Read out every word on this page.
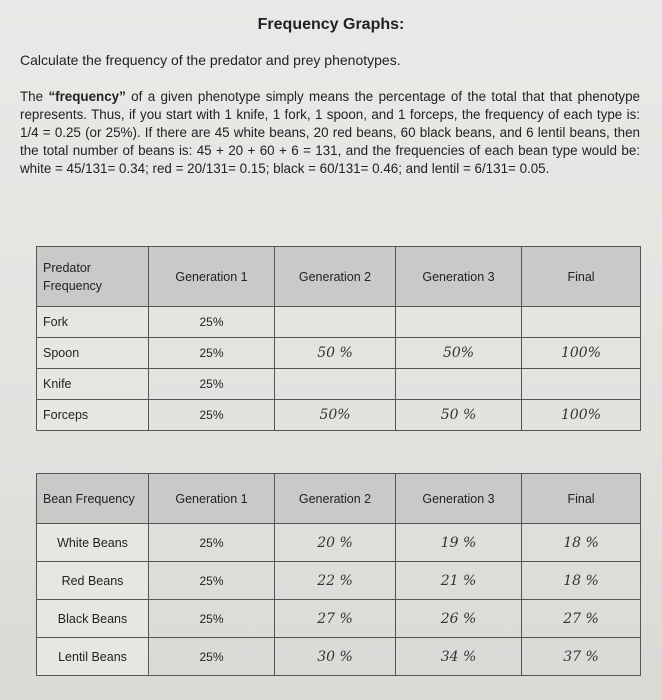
Frequency Graphs:
Calculate the frequency of the predator and prey phenotypes.
The “frequency” of a given phenotype simply means the percentage of the total that that phenotype represents. Thus, if you start with 1 knife, 1 fork, 1 spoon, and 1 forceps, the frequency of each type is: 1/4 = 0.25 (or 25%). If there are 45 white beans, 20 red beans, 60 black beans, and 6 lentil beans, then the total number of beans is: 45 + 20 + 60 + 6 = 131, and the frequencies of each bean type would be: white = 45/131= 0.34; red = 20/131= 0.15; black = 60/131= 0.46; and lentil = 6/131= 0.05.
Predator Frequency	Generation 1	Generation 2	Generation 3	Final
Fork	25%			
Spoon	25%	50 %	50%	100%
Knife	25%			
Forceps	25%	50%	50 %	100%
Bean Frequency	Generation 1	Generation 2	Generation 3	Final
White Beans	25%	20 %	19 %	18 %
Red Beans	25%	22 %	21 %	18 %
Black Beans	25%	27 %	26 %	27 %
Lentil Beans	25%	30 %	34 %	37 %
